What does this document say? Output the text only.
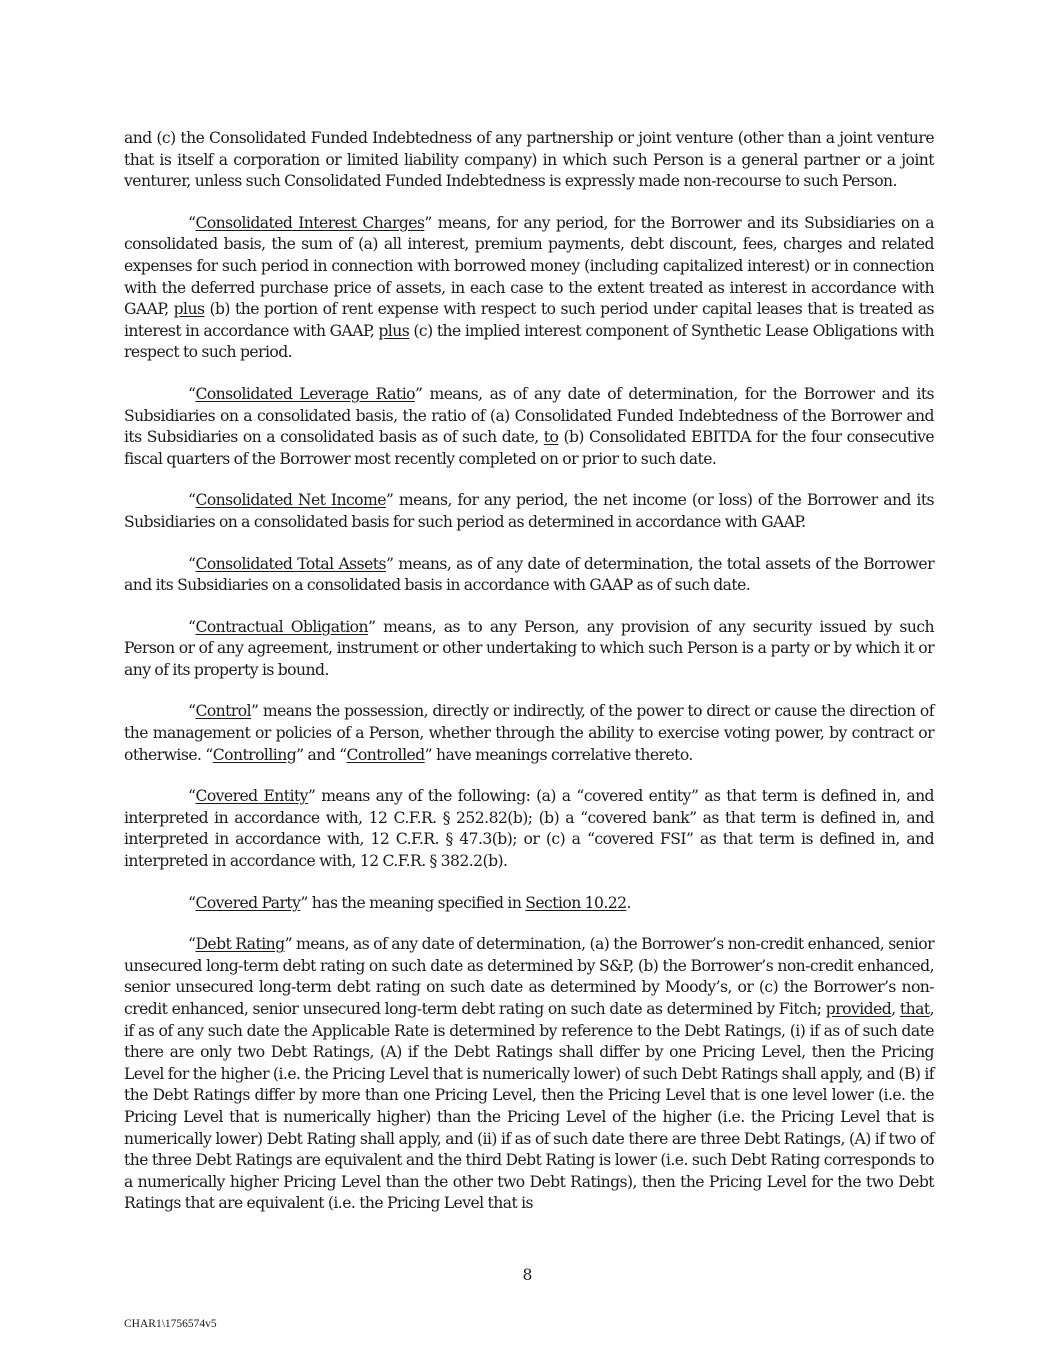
and (c) the Consolidated Funded Indebtedness of any partnership or joint venture (other than a joint venture that is itself a corporation or limited liability company) in which such Person is a general partner or a joint venturer, unless such Consolidated Funded Indebtedness is expressly made non-recourse to such Person.

“Consolidated Interest Charges” means, for any period, for the Borrower and its Subsidiaries on a consolidated basis, the sum of (a) all interest, premium payments, debt discount, fees, charges and related expenses for such period in connection with borrowed money (including capitalized interest) or in connection with the deferred purchase price of assets, in each case to the extent treated as interest in accordance with GAAP, plus (b) the portion of rent expense with respect to such period under capital leases that is treated as interest in accordance with GAAP, plus (c) the implied interest component of Synthetic Lease Obligations with respect to such period.

“Consolidated Leverage Ratio” means, as of any date of determination, for the Borrower and its Subsidiaries on a consolidated basis, the ratio of (a) Consolidated Funded Indebtedness of the Borrower and its Subsidiaries on a consolidated basis as of such date, to (b) Consolidated EBITDA for the four consecutive fiscal quarters of the Borrower most recently completed on or prior to such date.

“Consolidated Net Income” means, for any period, the net income (or loss) of the Borrower and its Subsidiaries on a consolidated basis for such period as determined in accordance with GAAP.

“Consolidated Total Assets” means, as of any date of determination, the total assets of the Borrower and its Subsidiaries on a consolidated basis in accordance with GAAP as of such date.

“Contractual Obligation” means, as to any Person, any provision of any security issued by such Person or of any agreement, instrument or other undertaking to which such Person is a party or by which it or any of its property is bound.

“Control” means the possession, directly or indirectly, of the power to direct or cause the direction of the management or policies of a Person, whether through the ability to exercise voting power, by contract or otherwise. “Controlling” and “Controlled” have meanings correlative thereto.

“Covered Entity” means any of the following: (a) a “covered entity” as that term is defined in, and interpreted in accordance with, 12 C.F.R. § 252.82(b); (b) a “covered bank” as that term is defined in, and interpreted in accordance with, 12 C.F.R. § 47.3(b); or (c) a “covered FSI” as that term is defined in, and interpreted in accordance with, 12 C.F.R. § 382.2(b).

“Covered Party” has the meaning specified in Section 10.22.

“Debt Rating” means, as of any date of determination, (a) the Borrower’s non-credit enhanced, senior unsecured long-term debt rating on such date as determined by S&P, (b) the Borrower’s non-credit enhanced, senior unsecured long-term debt rating on such date as determined by Moody’s, or (c) the Borrower’s non-credit enhanced, senior unsecured long-term debt rating on such date as determined by Fitch; provided, that, if as of any such date the Applicable Rate is determined by reference to the Debt Ratings, (i) if as of such date there are only two Debt Ratings, (A) if the Debt Ratings shall differ by one Pricing Level, then the Pricing Level for the higher (i.e. the Pricing Level that is numerically lower) of such Debt Ratings shall apply, and (B) if the Debt Ratings differ by more than one Pricing Level, then the Pricing Level that is one level lower (i.e. the Pricing Level that is numerically higher) than the Pricing Level of the higher (i.e. the Pricing Level that is numerically lower) Debt Rating shall apply, and (ii) if as of such date there are three Debt Ratings, (A) if two of the three Debt Ratings are equivalent and the third Debt Rating is lower (i.e. such Debt Rating corresponds to a numerically higher Pricing Level than the other two Debt Ratings), then the Pricing Level for the two Debt Ratings that are equivalent (i.e. the Pricing Level that is

8
CHAR1\1756574v5
